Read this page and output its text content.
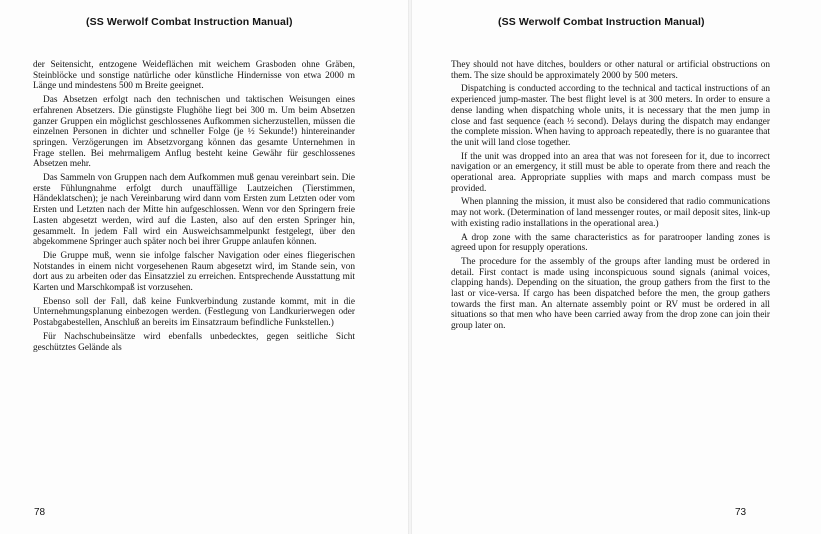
(SS Werwolf Combat Instruction Manual)

der Seitensicht, entzogene Weideflächen mit weichem Grasboden ohne Gräben, Steinblöcke und sonstige natürliche oder künstliche Hindernisse von etwa 2000 m Länge und mindestens 500 m Breite geeignet.

Das Absetzen erfolgt nach den technischen und taktischen Weisungen eines erfahrenen Absetzers. Die günstigste Flughöhe liegt bei 300 m. Um beim Absetzen ganzer Gruppen ein möglichst geschlossenes Aufkommen sicherzustellen, müssen die einzelnen Personen in dichter und schneller Folge (je ½ Sekunde!) hintereinander springen. Verzögerungen im Absetzvorgang können das gesamte Unternehmen in Frage stellen. Bei mehrmaligem Anflug besteht keine Gewähr für geschlossenes Absetzen mehr.

Das Sammeln von Gruppen nach dem Aufkommen muß genau vereinbart sein. Die erste Fühlungnahme erfolgt durch unauffällige Lautzeichen (Tierstimmen, Händeklatschen); je nach Vereinbarung wird dann vom Ersten zum Letzten oder vom Ersten und Letzten nach der Mitte hin aufgeschlossen. Wenn vor den Springern freie Lasten abgesetzt werden, wird auf die Lasten, also auf den ersten Springer hin, gesammelt. In jedem Fall wird ein Ausweichsammelpunkt festgelegt, über den abgekommene Springer auch später noch bei ihrer Gruppe anlaufen können.

Die Gruppe muß, wenn sie infolge falscher Navigation oder eines fliegerischen Notstandes in einem nicht vorgesehenen Raum abgesetzt wird, im Stande sein, von dort aus zu arbeiten oder das Einsatzziel zu erreichen. Entsprechende Ausstattung mit Karten und Marschkompaß ist vorzusehen.

Ebenso soll der Fall, daß keine Funkverbindung zustande kommt, mit in die Unternehmungsplanung einbezogen werden. (Festlegung von Landkurierwegen oder Postabgabestellen, Anschluß an bereits im Einsatzraum befindliche Funkstellen.)

Für Nachschubeinsätze wird ebenfalls unbedecktes, gegen seitliche Sicht geschütztes Gelände als

78
(SS Werwolf Combat Instruction Manual)

They should not have ditches, boulders or other natural or artificial obstructions on them. The size should be approximately 2000 by 500 meters.

Dispatching is conducted according to the technical and tactical instructions of an experienced jump-master. The best flight level is at 300 meters. In order to ensure a dense landing when dispatching whole units, it is necessary that the men jump in close and fast sequence (each ½ second). Delays during the dispatch may endanger the complete mission. When having to approach repeatedly, there is no guarantee that the unit will land close together.

If the unit was dropped into an area that was not foreseen for it, due to incorrect navigation or an emergency, it still must be able to operate from there and reach the operational area. Appropriate supplies with maps and march compass must be provided.

When planning the mission, it must also be considered that radio communications may not work. (Determination of land messenger routes, or mail deposit sites, link-up with existing radio installations in the operational area.)

A drop zone with the same characteristics as for paratrooper landing zones is agreed upon for resupply operations.

The procedure for the assembly of the groups after landing must be ordered in detail. First contact is made using inconspicuous sound signals (animal voices, clapping hands). Depending on the situation, the group gathers from the first to the last or vice-versa. If cargo has been dispatched before the men, the group gathers towards the first man. An alternate assembly point or RV must be ordered in all situations so that men who have been carried away from the drop zone can join their group later on.

73
